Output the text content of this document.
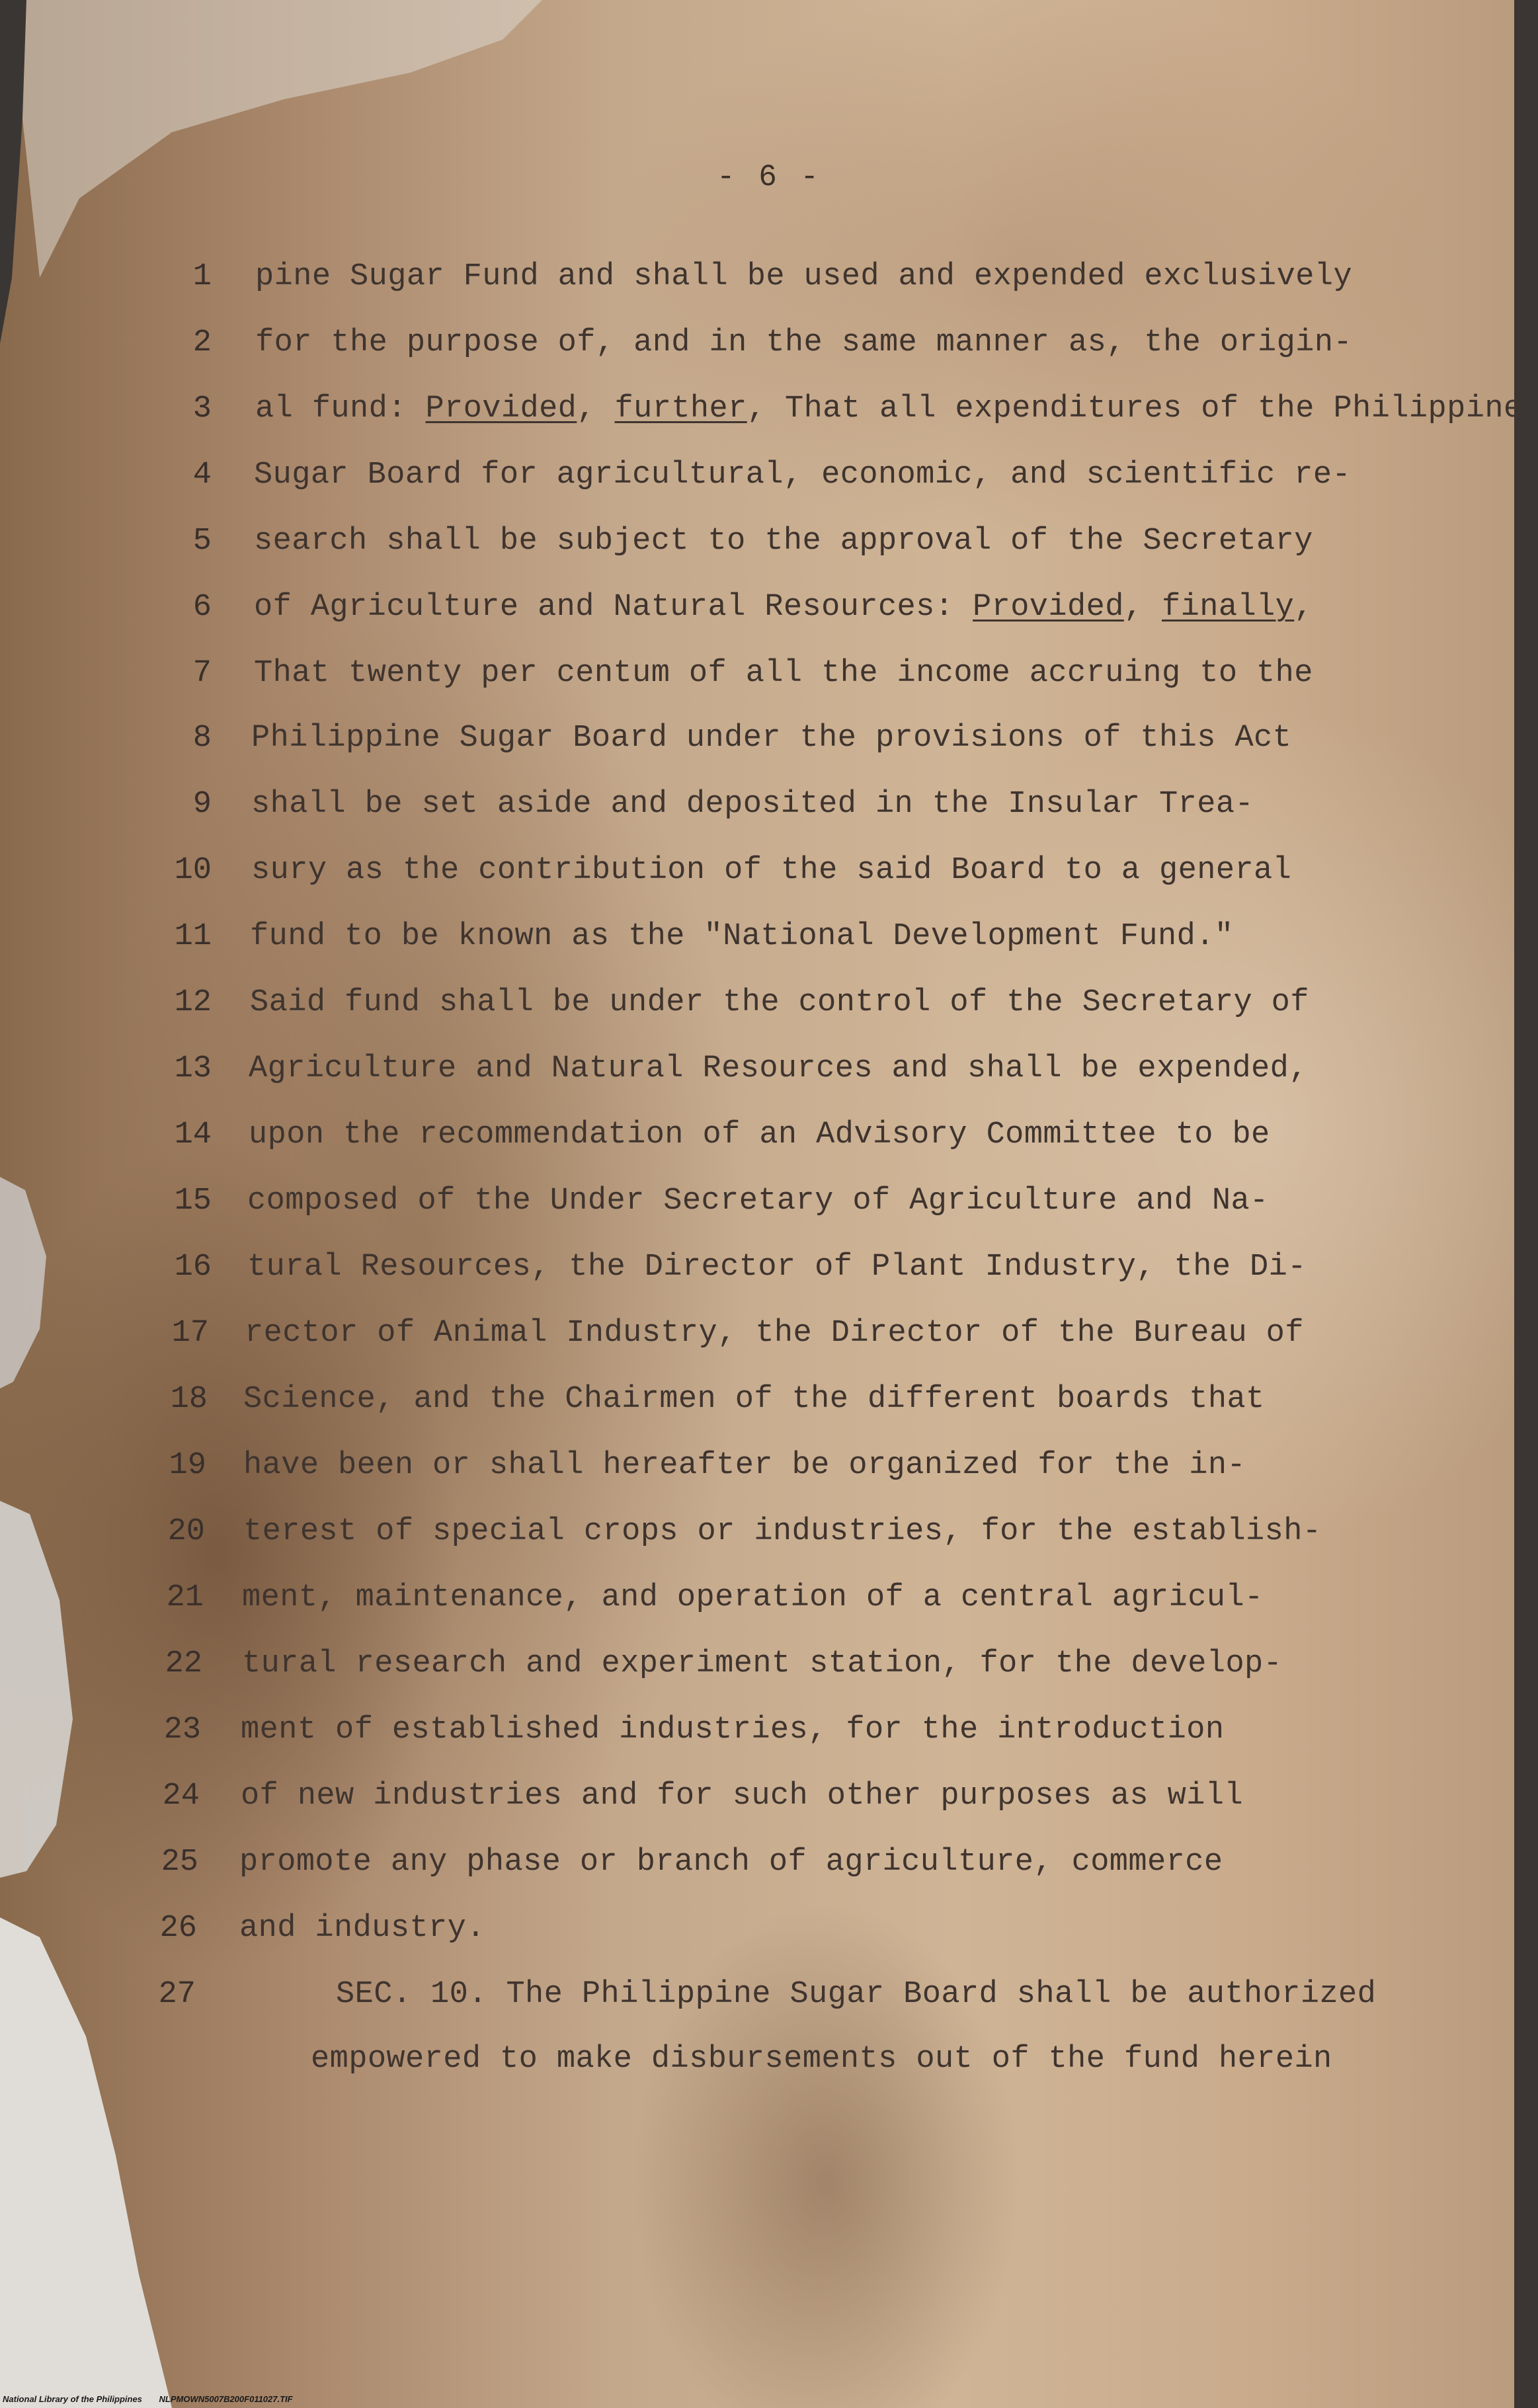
- 6 -
1 pine Sugar Fund and shall be used and expended exclusively
2 for the purpose of, and in the same manner as, the origin-
3 al fund: Provided, further, That all expenditures of the Philippine
4 Sugar Board for agricultural, economic, and scientific re-
5 search shall be subject to the approval of the Secretary
6 of Agriculture and Natural Resources: Provided, finally,
7 That twenty per centum of all the income accruing to the
8 Philippine Sugar Board under the provisions of this Act
9 shall be set aside and deposited in the Insular Trea-
10 sury as the contribution of the said Board to a general
11 fund to be known as the "National Development Fund."
12 Said fund shall be under the control of the Secretary of
13 Agriculture and Natural Resources and shall be expended,
14 upon the recommendation of an Advisory Committee to be
15 composed of the Under Secretary of Agriculture and Na-
16 tural Resources, the Director of Plant Industry, the Di-
17 rector of Animal Industry, the Director of the Bureau of
18 Science, and the Chairmen of the different boards that
19 have been or shall hereafter be organized for the in-
20 terest of special crops or industries, for the establish-
21 ment, maintenance, and operation of a central agricul-
22 tural research and experiment station, for the develop-
23 ment of established industries, for the introduction
24 of new industries and for such other purposes as will
25 promote any phase or branch of agriculture, commerce
26 and industry.
27	SEC. 10. The Philippine Sugar Board shall be authorized
empowered to make disbursements out of the fund herein
National Library of the Philippines NLPMOWN5007B200F011027.TIF
